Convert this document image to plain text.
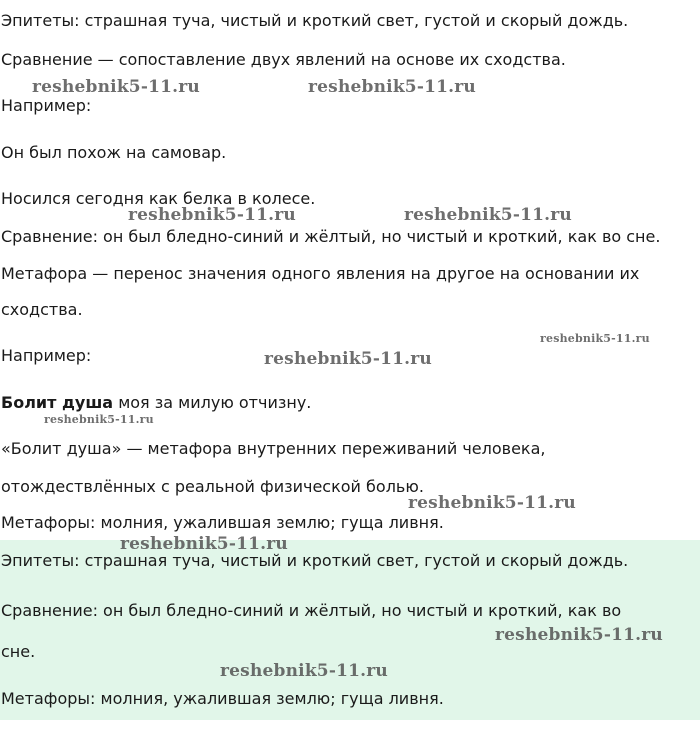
Эпитеты: страшная туча, чистый и кроткий свет, густой и скорый дождь.

Сравнение — сопоставление двух явлений на основе их сходства.

Например:

Он был похож на самовар.

Носился сегодня как белка в колесе.

Сравнение: он был бледно-синий и жёлтый, но чистый и кроткий, как во сне.

Метафора — перенос значения одного явления на другое на основании их

сходства.

Например:

Болит душа моя за милую отчизну.

«Болит душа» — метафора внутренних переживаний человека,

отождествлённых с реальной физической болью.

Метафоры: молния, ужалившая землю; гуща ливня.

Эпитеты: страшная туча, чистый и кроткий свет, густой и скорый дождь.

Сравнение: он был бледно-синий и жёлтый, но чистый и кроткий, как во

сне.

Метафоры: молния, ужалившая землю; гуща ливня.

reshebnik5-11.ru	reshebnik5-11.ru
reshebnik5-11.ru	reshebnik5-11.ru
reshebnik5-11.ru
reshebnik5-11.ru
reshebnik5-11.ru
reshebnik5-11.ru
reshebnik5-11.ru
reshebnik5-11.ru
reshebnik5-11.ru
